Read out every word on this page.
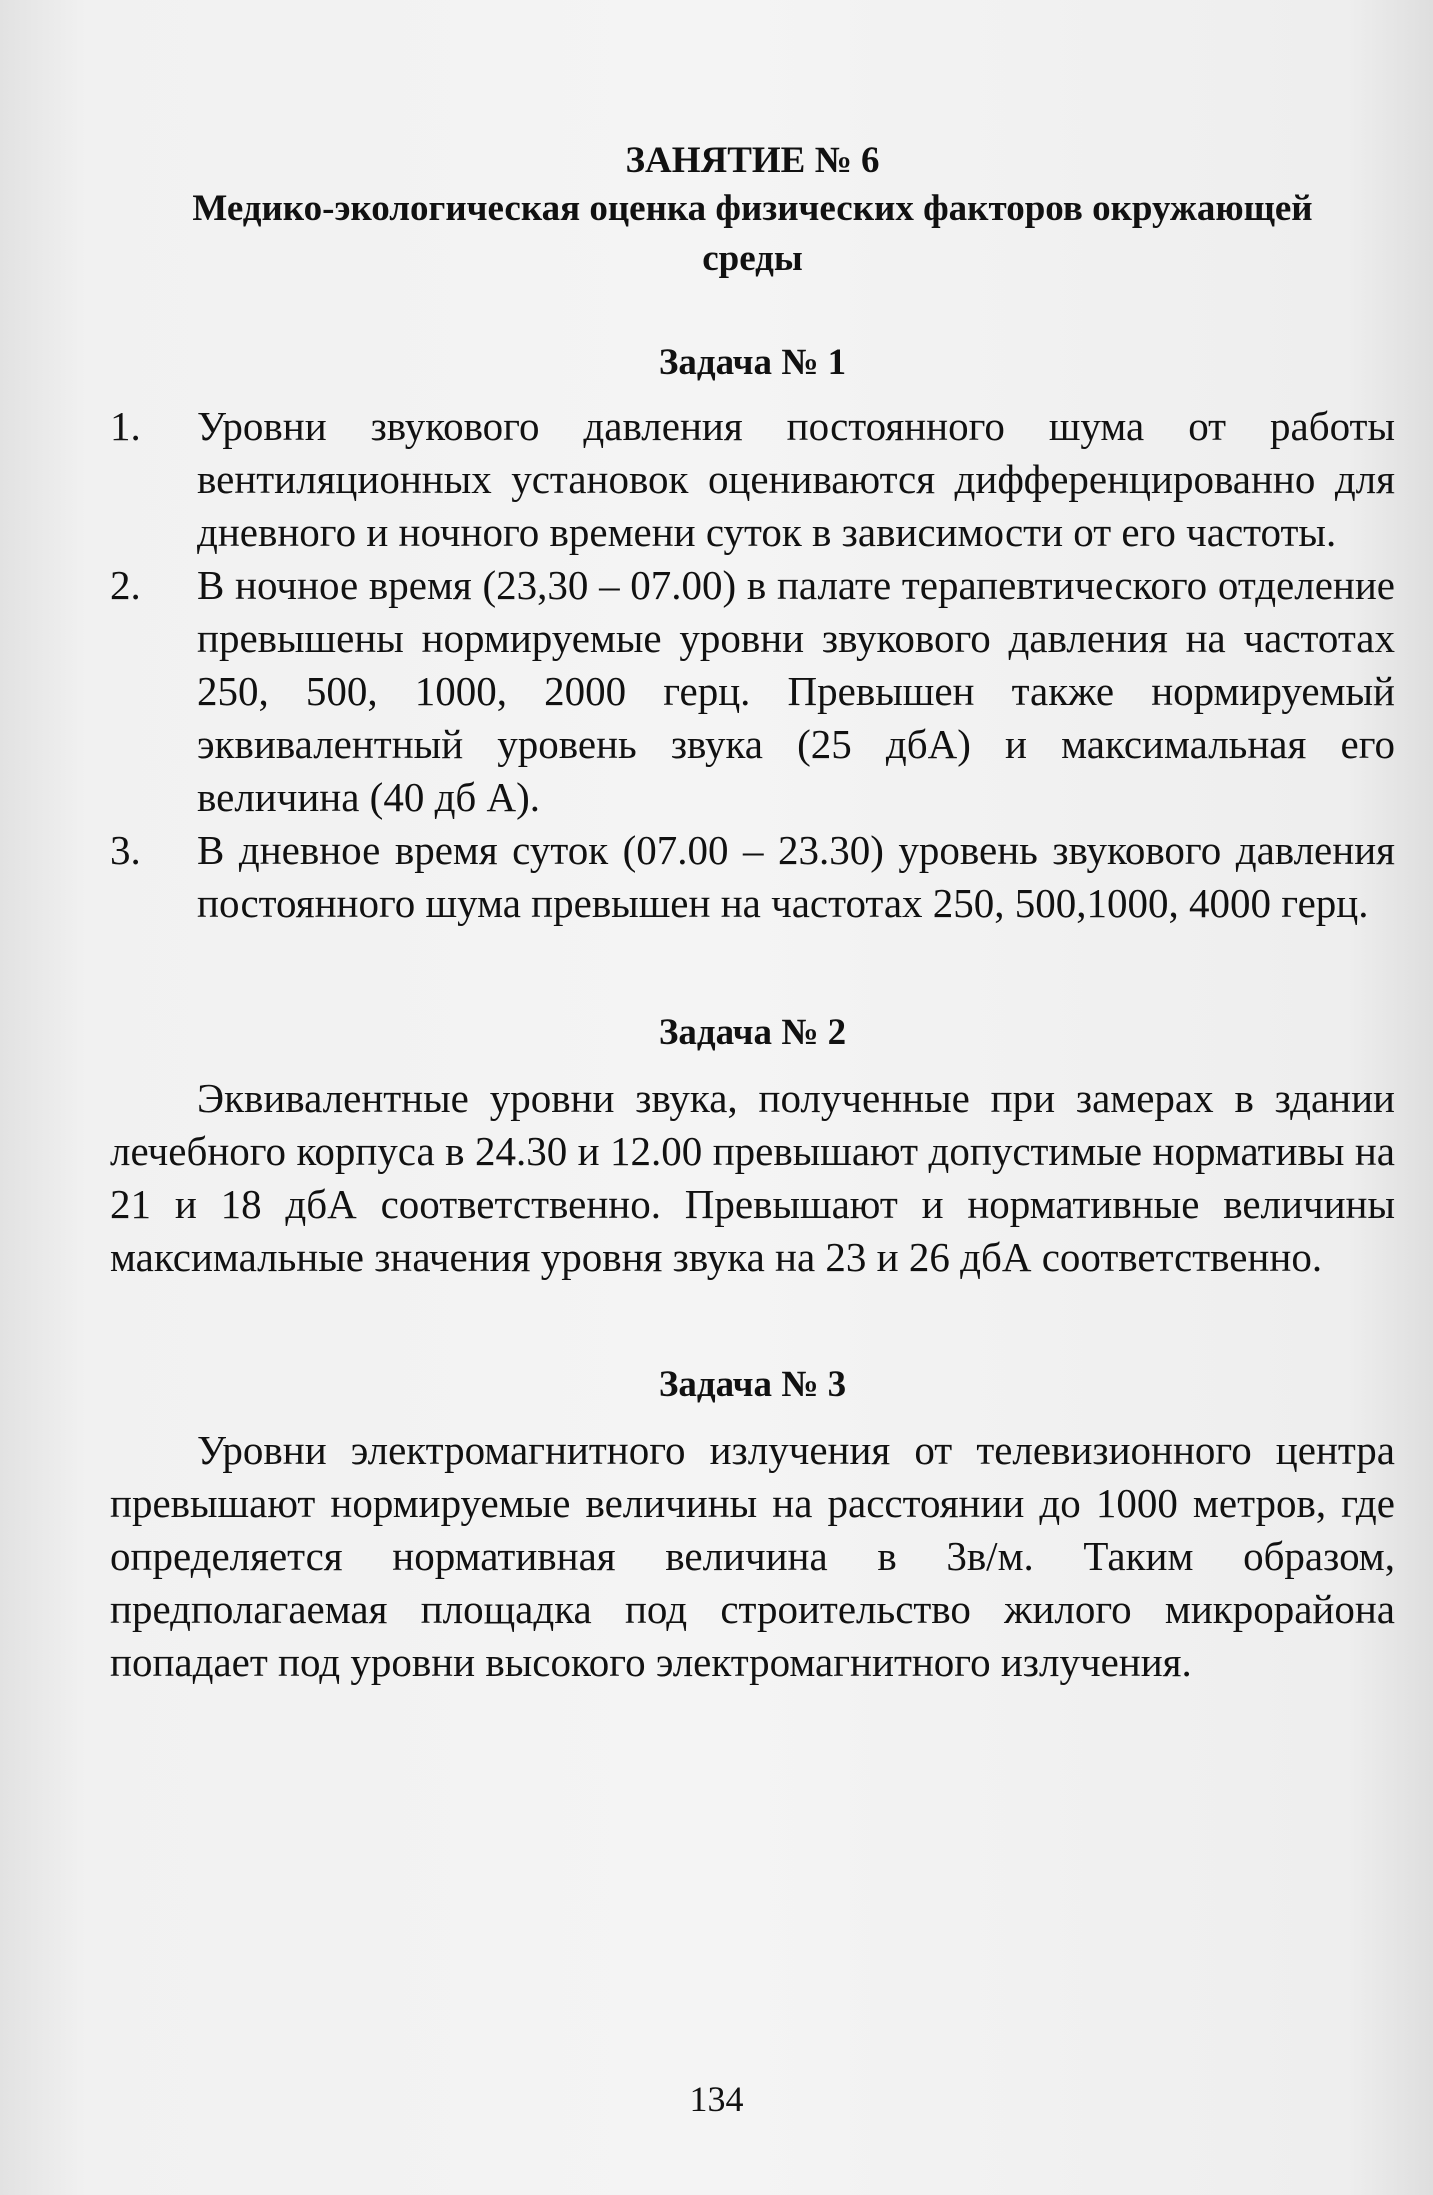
ЗАНЯТИЕ № 6
Медико-экологическая оценка физических факторов окружающей среды
Задача № 1
1. Уровни звукового давления постоянного шума от работы вентиляционных установок оцениваются дифференцированно для дневного и ночного времени суток в зависимости от его частоты.
2. В ночное время (23,30 – 07.00) в палате терапевтического отделение превышены нормируемые уровни звукового давления на частотах 250, 500, 1000, 2000 герц. Превышен также нормируемый эквивалентный уровень звука (25 дбА) и максимальная его величина (40 дб А).
3. В дневное время суток (07.00 – 23.30) уровень звукового давления постоянного шума превышен на частотах 250, 500,1000, 4000 герц.
Задача № 2

Эквивалентные уровни звука, полученные при замерах в здании лечебного корпуса в 24.30 и 12.00 превышают допустимые нормативы на 21 и 18 дбА соответственно. Превышают и нормативные величины максимальные значения уровня звука на 23 и 26 дбА соответственно.

Задача № 3

Уровни электромагнитного излучения от телевизионного центра превышают нормируемые величины на расстоянии до 1000 метров, где определяется нормативная величина в 3в/м. Таким образом, предполагаемая площадка под строительство жилого микрорайона попадает под уровни высокого электромагнитного излучения.

134
